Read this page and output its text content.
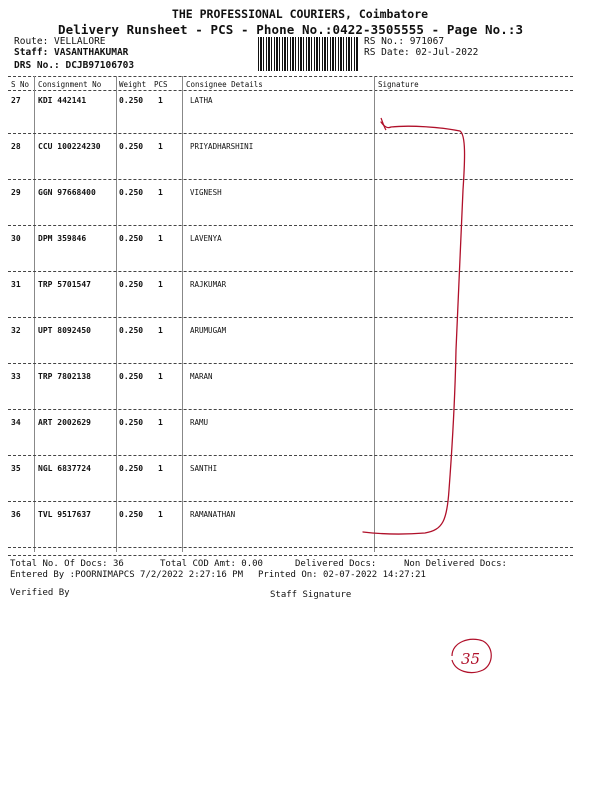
THE PROFESSIONAL COURIERS, Coimbatore
Delivery Runsheet - PCS - Phone No.:0422-3505555 - Page No.:3
Route: VELLALORE
Staff: VASANTHAKUMAR
DRS No.: DCJB97106703
RS No.: 971067
RS Date: 02-Jul-2022
S No Consignment No Weight PCS Consignee Details	Signature
27 KDI 442141	0.250 1	LATHA
28 CCU 100224230 0.250 1	PRIYADHARSHINI
29 GGN 97668400	0.250 1	VIGNESH
30 DPM 359846	0.250 1	LAVENYA
31 TRP 5701547	0.250 1	RAJKUMAR
32 UPT 8092450	0.250 1	ARUMUGAM
33 TRP 7802138	0.250 1	MARAN
34 ART 2002629	0.250 1	RAMU
35 NGL 6837724	0.250 1	SANTHI
36 TVL 9517637	0.250 1	RAMANATHAN
35
Total No. Of Docs: 36	Total COD Amt: 0.00	Delivered Docs:	Non Delivered Docs:
Entered By :POORNIMAPCS 7/2/2022 2:27:16 PM Printed On: 02-07-2022 14:27:21
Verified By	Staff Signature
